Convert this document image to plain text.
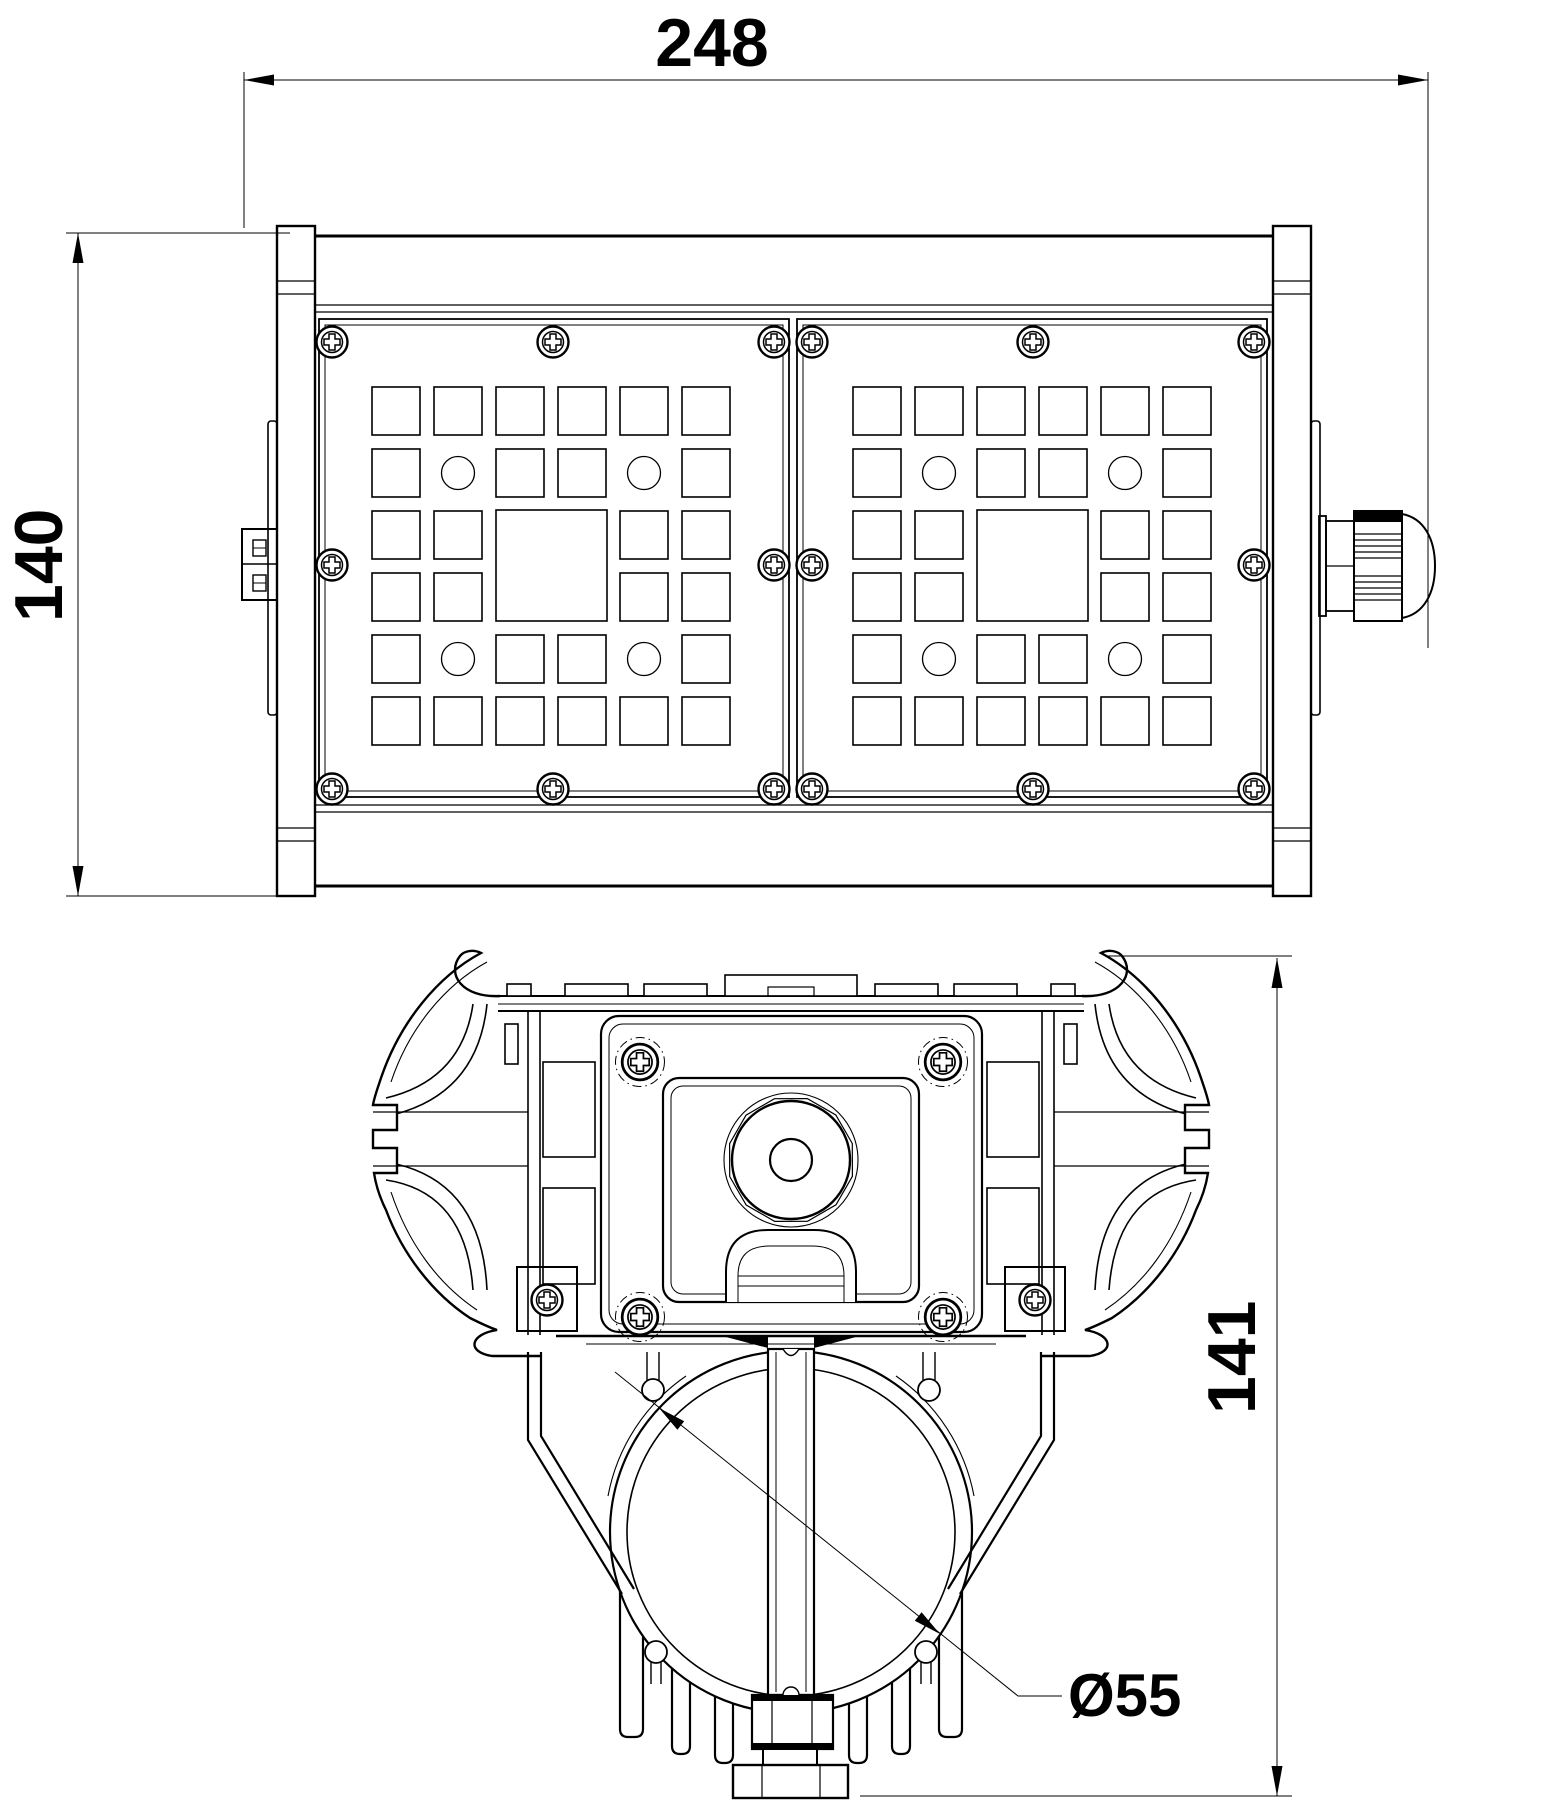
248
140
141
Ø55
